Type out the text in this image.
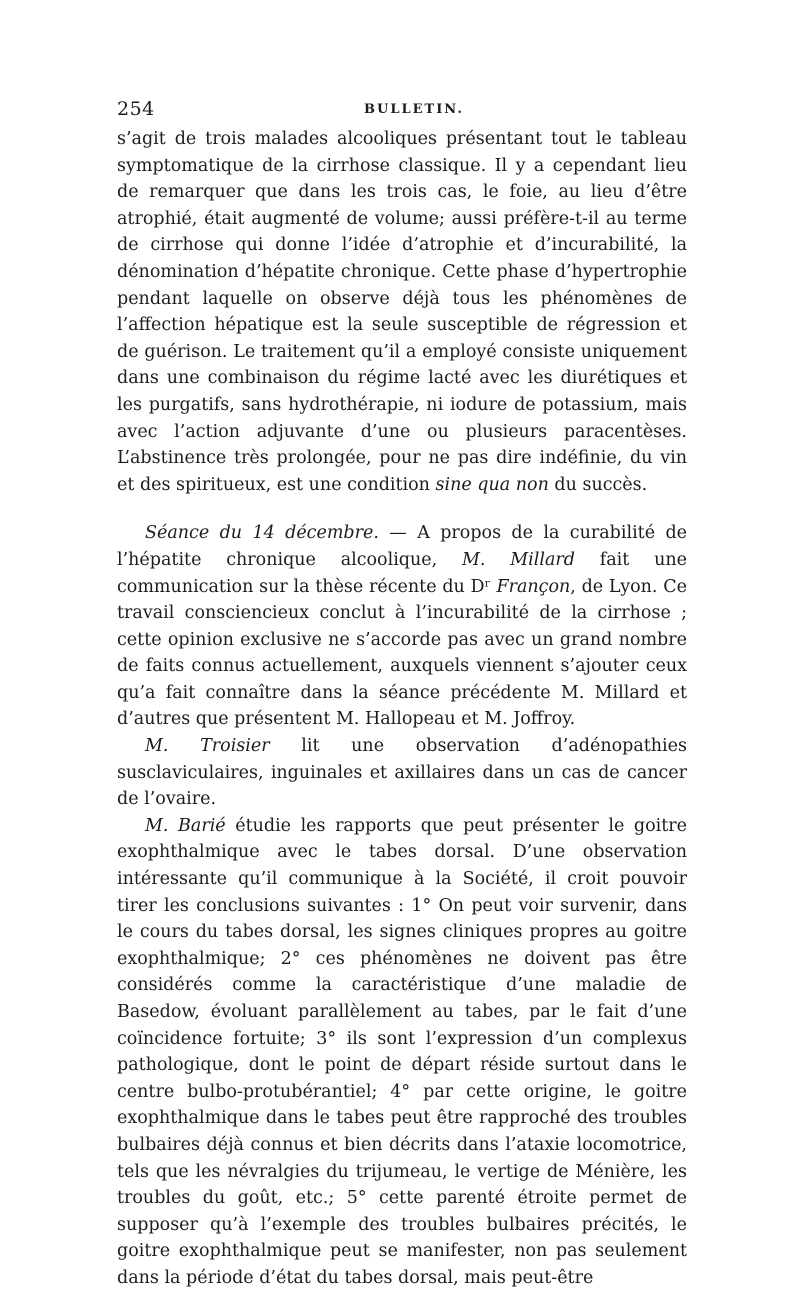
254	BULLETIN.

s’agit de trois malades alcooliques présentant tout le tableau symptomatique de la cirrhose classique. Il y a cependant lieu de remarquer que dans les trois cas, le foie, au lieu d’être atrophié, était augmenté de volume; aussi préfère-t-il au terme de cirrhose qui donne l’idée d’atrophie et d’incurabilité, la dénomination d’hépatite chronique. Cette phase d’hypertrophie pendant laquelle on observe déjà tous les phénomènes de l’affection hépatique est la seule susceptible de régression et de guérison. Le traitement qu’il a employé consiste uniquement dans une combinaison du régime lacté avec les diurétiques et les purgatifs, sans hydrothérapie, ni iodure de potassium, mais avec l’action adjuvante d’une ou plusieurs paracentèses. L’abstinence très prolongée, pour ne pas dire indéfinie, du vin et des spiritueux, est une condition sine qua non du succès.

Séance du 14 décembre. — A propos de la curabilité de l’hépatite chronique alcoolique, M. Millard fait une communication sur la thèse récente du Dʳ Françon, de Lyon. Ce travail consciencieux conclut à l’incurabilité de la cirrhose ; cette opinion exclusive ne s’accorde pas avec un grand nombre de faits connus actuellement, auxquels viennent s’ajouter ceux qu’a fait connaître dans la séance précédente M. Millard et d’autres que présentent M. Hallopeau et M. Joffroy.

M. Troisier lit une observation d’adénopathies susclaviculaires, inguinales et axillaires dans un cas de cancer de l’ovaire.

M. Barié étudie les rapports que peut présenter le goitre exophthalmique avec le tabes dorsal. D’une observation intéressante qu’il communique à la Société, il croit pouvoir tirer les conclusions suivantes : 1° On peut voir survenir, dans le cours du tabes dorsal, les signes cliniques propres au goitre exophthalmique; 2° ces phénomènes ne doivent pas être considérés comme la caractéristique d’une maladie de Basedow, évoluant parallèlement au tabes, par le fait d’une coïncidence fortuite; 3° ils sont l’expression d’un complexus pathologique, dont le point de départ réside surtout dans le centre bulbo-protubérantiel; 4° par cette origine, le goitre exophthalmique dans le tabes peut être rapproché des troubles bulbaires déjà connus et bien décrits dans l’ataxie locomotrice, tels que les névralgies du trijumeau, le vertige de Ménière, les troubles du goût, etc.; 5° cette parenté étroite permet de supposer qu’à l’exemple des troubles bulbaires précités, le goitre exophthalmique peut se manifester, non pas seulement dans la période d’état du tabes dorsal, mais peut-être
